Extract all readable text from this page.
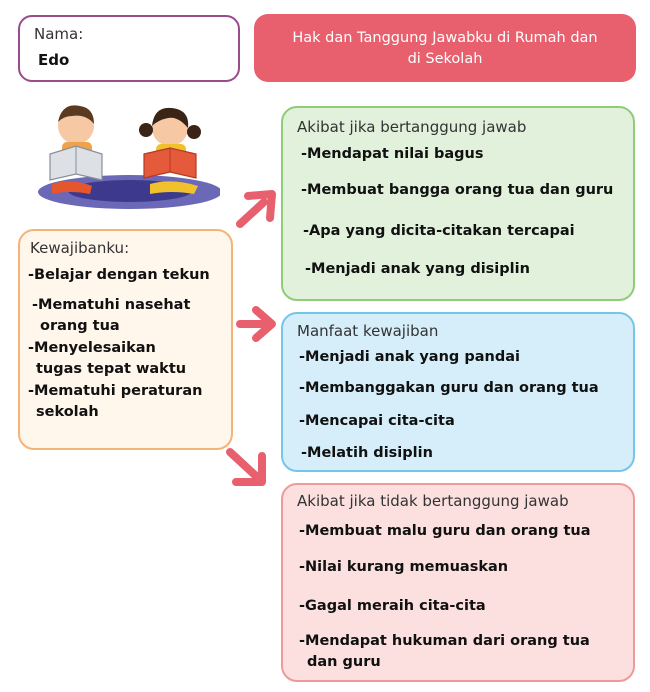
Nama:
Edo
Hak dan Tanggung Jawabku di Rumah dan
di Sekolah
Kewajibanku:
-Belajar dengan tekun
-Mematuhi nasehat
orang tua
-Menyelesaikan
tugas tepat waktu
-Mematuhi peraturan
sekolah
Akibat jika bertanggung jawab
-Mendapat nilai bagus
-Membuat bangga orang tua dan guru
-Apa yang dicita-citakan tercapai
-Menjadi anak yang disiplin
Manfaat kewajiban
-Menjadi anak yang pandai
-Membanggakan guru dan orang tua
-Mencapai cita-cita
-Melatih disiplin
Akibat jika tidak bertanggung jawab
-Membuat malu guru dan orang tua
-Nilai kurang memuaskan
-Gagal meraih cita-cita
-Mendapat hukuman dari orang tua
dan guru
